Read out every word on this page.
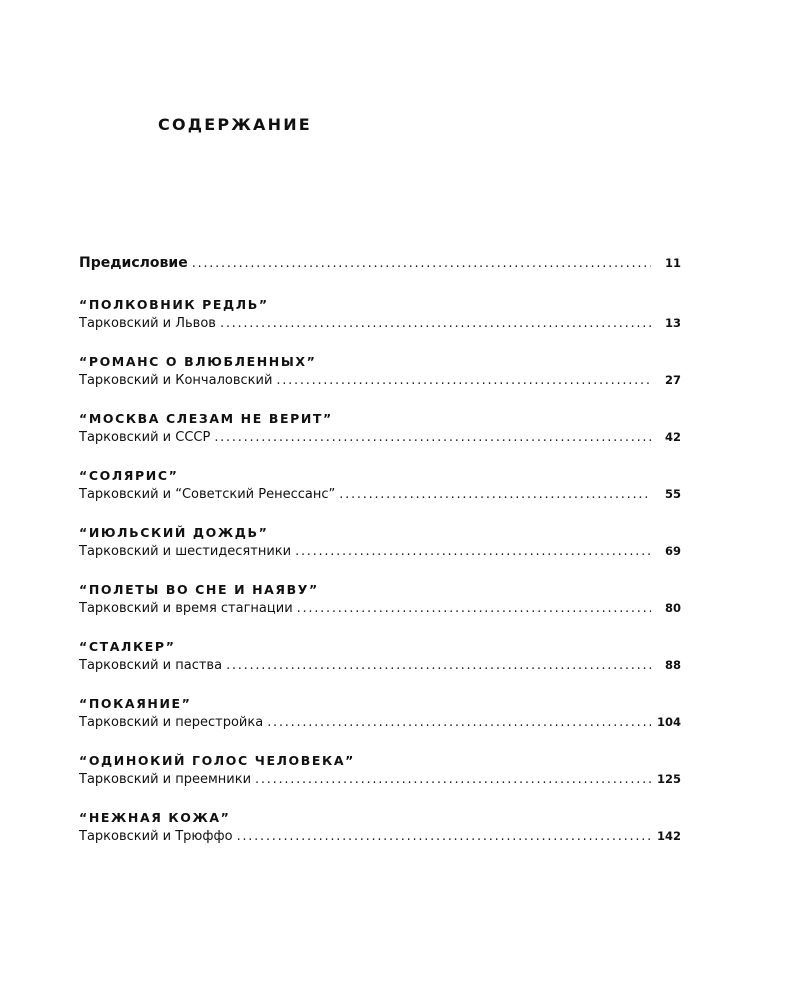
СОДЕРЖАНИЕ
Предисловие . . .	11
“ПОЛКОВНИК РЕДЛЬ”
Тарковский и Львов . . .	13
“РОМАНС О ВЛЮБЛЕННЫХ”
Тарковский и Кончаловский . . .	27
“МОСКВА СЛЕЗАМ НЕ ВЕРИТ”
Тарковский и СССР . . .	42
“СОЛЯРИС”
Тарковский и “Советский Ренессанс” . . .	55
“ИЮЛЬСКИЙ ДОЖДЬ”
Тарковский и шестидесятники . . .	69
“ПОЛЕТЫ ВО СНЕ И НАЯВУ”
Тарковский и время стагнации . . .	80
“СТАЛКЕР”
Тарковский и паства . . .	88
“ПОКАЯНИЕ”
Тарковский и перестройка . . .	104
“ОДИНОКИЙ ГОЛОС ЧЕЛОВЕКА”
Тарковский и преемники . . .	125
“НЕЖНАЯ КОЖА”
Тарковский и Трюффо . . .	142
